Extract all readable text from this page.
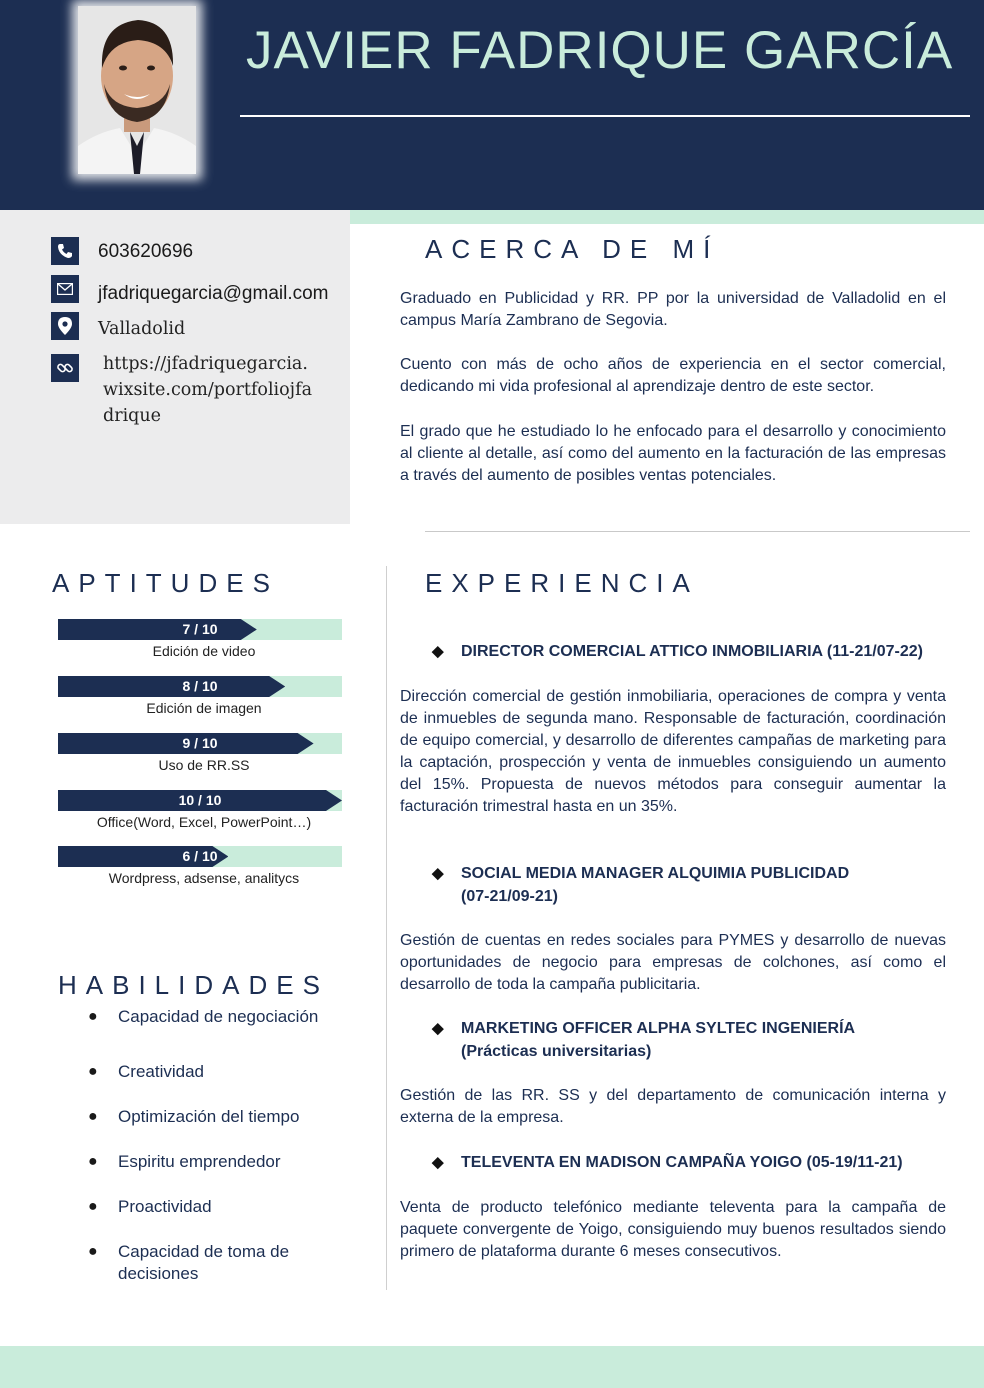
JAVIER FADRIQUE GARCÍA
603620696
jfadriquegarcia@gmail.com
Valladolid
https://jfadriquegarcia.
wixsite.com/portfoliojfa
drique
ACERCA DE MÍ
Graduado en Publicidad y RR. PP por la universidad de Valladolid en el campus María Zambrano de Segovia.
Cuento con más de ocho años de experiencia en el sector comercial, dedicando mi vida profesional al aprendizaje dentro de este sector.
El grado que he estudiado lo he enfocado para el desarrollo y conocimiento al cliente al detalle, así como del aumento en la facturación de las empresas a través del aumento de posibles ventas potenciales.
APTITUDES
7 / 10
Edición de video
8 / 10
Edición de imagen
9 / 10
Uso de RR.SS
10 / 10
Office(Word, Excel, PowerPoint…)
6 / 10
Wordpress, adsense, analitycs
HABILIDADES
● Capacidad de negociación
● Creatividad
● Optimización del tiempo
● Espiritu emprendedor
● Proactividad
● Capacidad de toma de decisiones
EXPERIENCIA
◆	DIRECTOR COMERCIAL ATTICO INMOBILIARIA (11-21/07-22)
Dirección comercial de gestión inmobiliaria, operaciones de compra y venta de inmuebles de segunda mano. Responsable de facturación, coordinación de equipo comercial, y desarrollo de diferentes campañas de marketing para la captación, prospección y venta de inmuebles consiguiendo un aumento del 15%. Propuesta de nuevos métodos para conseguir aumentar la facturación trimestral hasta en un 35%.
◆	SOCIAL MEDIA MANAGER ALQUIMIA PUBLICIDAD (07-21/09-21)
Gestión de cuentas en redes sociales para PYMES y desarrollo de nuevas oportunidades de negocio para empresas de colchones, así como el desarrollo de toda la campaña publicitaria.
◆	MARKETING OFFICER ALPHA SYLTEC INGENIERÍA (Prácticas universitarias)
Gestión de las RR. SS y del departamento de comunicación interna y externa de la empresa.
◆	TELEVENTA EN MADISON CAMPAÑA YOIGO (05-19/11-21)
Venta de producto telefónico mediante televenta para la campaña de paquete convergente de Yoigo, consiguiendo muy buenos resultados siendo primero de plataforma durante 6 meses consecutivos.
